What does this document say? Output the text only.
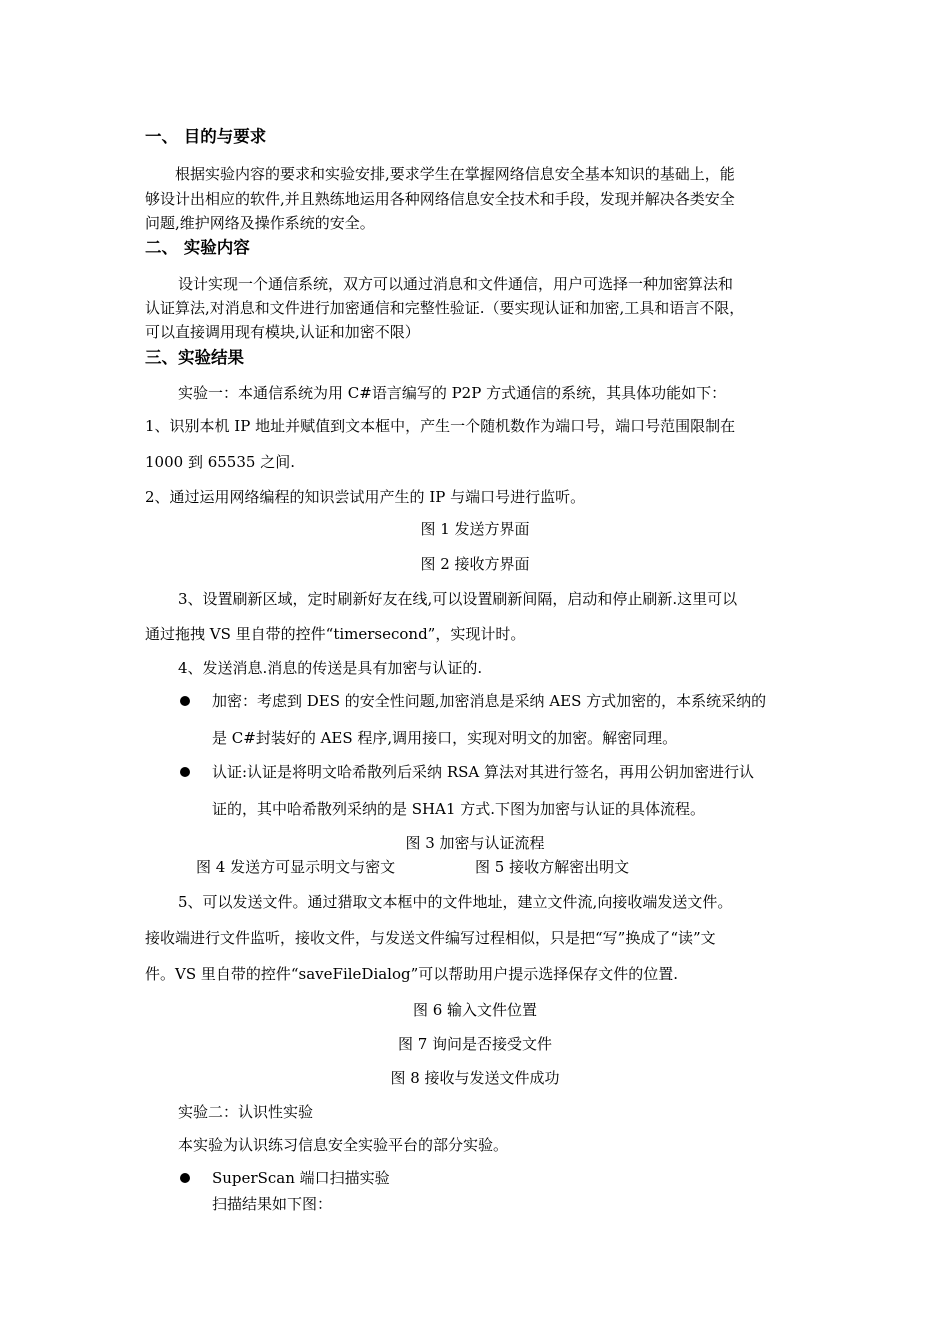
一、 目的与要求
根据实验内容的要求和实验安排,要求学生在掌握网络信息安全基本知识的基础上，能
够设计出相应的软件,并且熟练地运用各种网络信息安全技术和手段，发现并解决各类安全
问题,维护网络及操作系统的安全。
二、 实验内容
设计实现一个通信系统，双方可以通过消息和文件通信，用户可选择一种加密算法和
认证算法,对消息和文件进行加密通信和完整性验证.（要实现认证和加密,工具和语言不限，
可以直接调用现有模块,认证和加密不限）
三、实验结果
实验一：本通信系统为用 C#语言编写的 P2P 方式通信的系统，其具体功能如下：
1、识别本机 IP 地址并赋值到文本框中，产生一个随机数作为端口号，端口号范围限制在
1000 到 65535 之间.
2、通过运用网络编程的知识尝试用产生的 IP 与端口号进行监听。
图 1 发送方界面
图 2 接收方界面
3、设置刷新区域，定时刷新好友在线,可以设置刷新间隔，启动和停止刷新.这里可以
通过拖拽 VS 里自带的控件“timersecond”，实现计时。
4、发送消息.消息的传送是具有加密与认证的.
加密：考虑到 DES 的安全性问题,加密消息是采纳 AES 方式加密的，本系统采纳的
是 C#封装好的 AES 程序,调用接口，实现对明文的加密。解密同理。
认证:认证是将明文哈希散列后采纳 RSA 算法对其进行签名，再用公钥加密进行认
证的，其中哈希散列采纳的是 SHA1 方式.下图为加密与认证的具体流程。
图 3 加密与认证流程
图 4 发送方可显示明文与密文	图 5 接收方解密出明文
5、可以发送文件。通过猎取文本框中的文件地址，建立文件流,向接收端发送文件。
接收端进行文件监听，接收文件，与发送文件编写过程相似，只是把“写”换成了“读”文
件。VS 里自带的控件“saveFileDialog”可以帮助用户提示选择保存文件的位置.
图 6 输入文件位置
图 7 询问是否接受文件
图 8 接收与发送文件成功
实验二：认识性实验
本实验为认识练习信息安全实验平台的部分实验。
SuperScan 端口扫描实验
扫描结果如下图：
